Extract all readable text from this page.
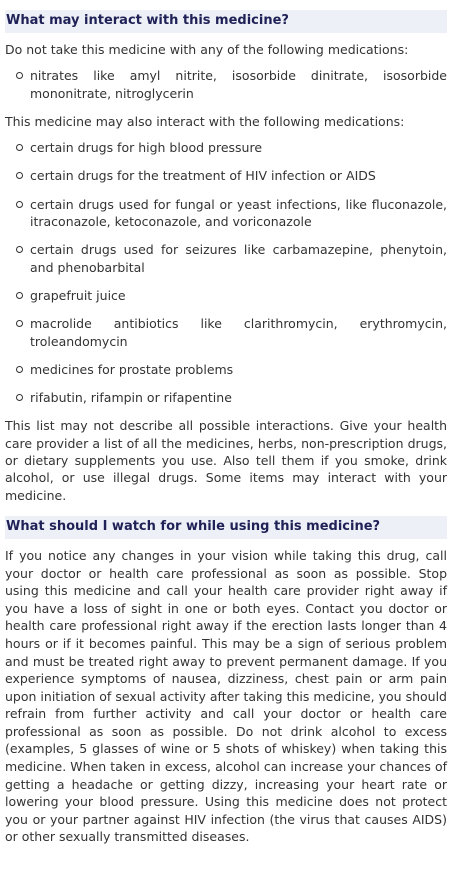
What may interact with this medicine?

Do not take this medicine with any of the following medications:

nitrates like amyl nitrite, isosorbide dinitrate, isosorbide mononitrate, nitroglycerin

This medicine may also interact with the following medications:

certain drugs for high blood pressure
certain drugs for the treatment of HIV infection or AIDS
certain drugs used for fungal or yeast infections, like fluconazole, itraconazole, ketoconazole, and voriconazole
certain drugs used for seizures like carbamazepine, phenytoin, and phenobarbital
grapefruit juice
macrolide antibiotics like clarithromycin, erythromycin, troleandomycin
medicines for prostate problems
rifabutin, rifampin or rifapentine

This list may not describe all possible interactions. Give your health care provider a list of all the medicines, herbs, non-prescription drugs, or dietary supplements you use. Also tell them if you smoke, drink alcohol, or use illegal drugs. Some items may interact with your medicine.

What should I watch for while using this medicine?

If you notice any changes in your vision while taking this drug, call your doctor or health care professional as soon as possible. Stop using this medicine and call your health care provider right away if you have a loss of sight in one or both eyes. Contact you doctor or health care professional right away if the erection lasts longer than 4 hours or if it becomes painful. This may be a sign of serious problem and must be treated right away to prevent permanent damage. If you experience symptoms of nausea, dizziness, chest pain or arm pain upon initiation of sexual activity after taking this medicine, you should refrain from further activity and call your doctor or health care professional as soon as possible. Do not drink alcohol to excess (examples, 5 glasses of wine or 5 shots of whiskey) when taking this medicine. When taken in excess, alcohol can increase your chances of getting a headache or getting dizzy, increasing your heart rate or lowering your blood pressure. Using this medicine does not protect you or your partner against HIV infection (the virus that causes AIDS) or other sexually transmitted diseases.
